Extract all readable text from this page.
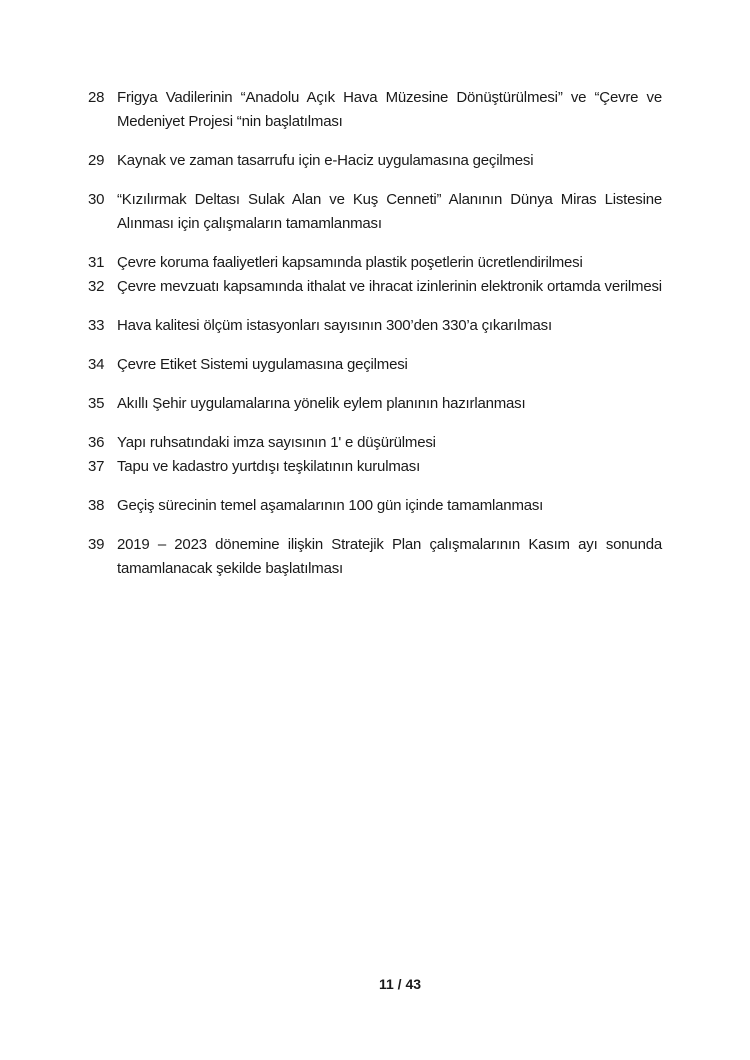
28 Frigya Vadilerinin “Anadolu Açık Hava Müzesine Dönüştürülmesi” ve “Çevre ve Medeniyet Projesi “nin başlatılması
29 Kaynak ve zaman tasarrufu için e-Haciz uygulamasına geçilmesi
30 “Kızılırmak Deltası Sulak Alan ve Kuş Cenneti” Alanının Dünya Miras Listesine Alınması için çalışmaların tamamlanması
31 Çevre koruma faaliyetleri kapsamında plastik poşetlerin ücretlendirilmesi
32 Çevre mevzuatı kapsamında ithalat ve ihracat izinlerinin elektronik ortamda verilmesi
33 Hava kalitesi ölçüm istasyonları sayısının 300’den 330’a çıkarılması
34 Çevre Etiket Sistemi uygulamasına geçilmesi
35 Akıllı Şehir uygulamalarına yönelik eylem planının hazırlanması
36 Yapı ruhsatındaki imza sayısının 1' e düşürülmesi
37 Tapu ve kadastro yurtdışı teşkilatının kurulması
38 Geçiş sürecinin temel aşamalarının 100 gün içinde tamamlanması
39 2019 – 2023 dönemine ilişkin Stratejik Plan çalışmalarının Kasım ayı sonunda tamamlanacak şekilde başlatılması
11 / 43
